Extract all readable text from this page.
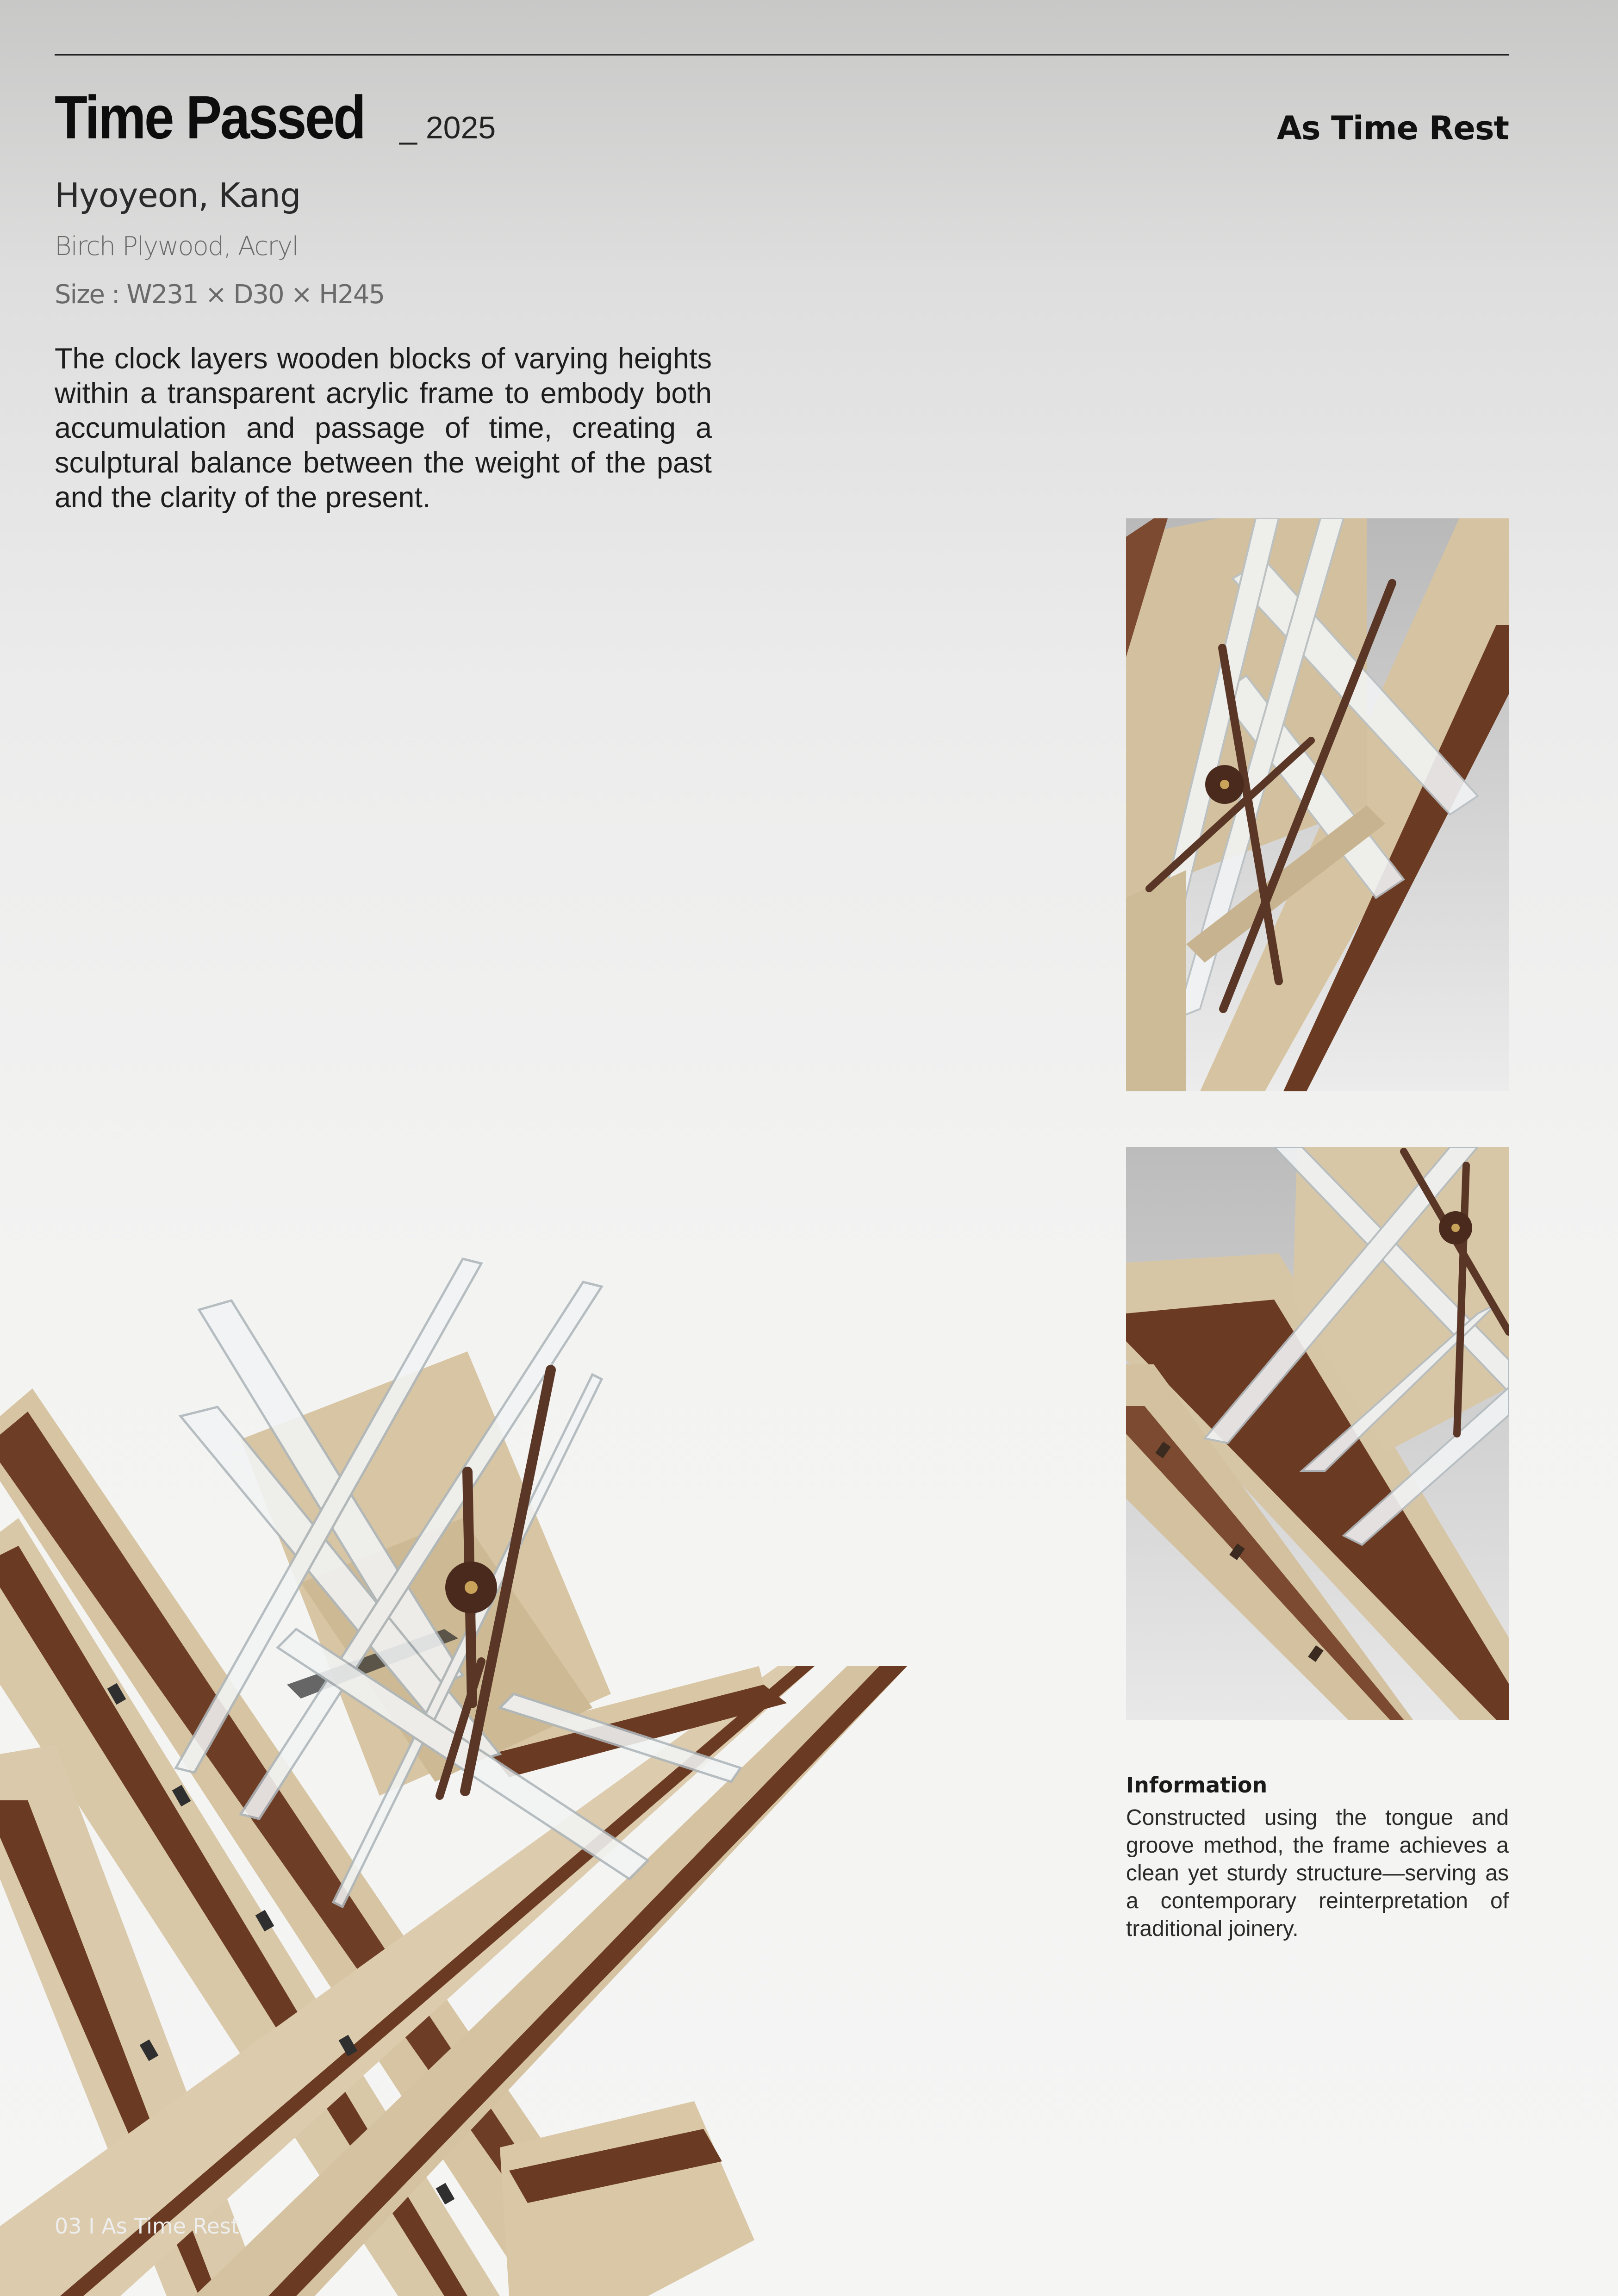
Time Passed _ 2025	As Time Rest
Hyoyeon, Kang
Birch Plywood, Acryl
Size : W231 × D30 × H245

The clock layers wooden blocks of varying heights within a transparent acrylic frame to embody both accumulation and passage of time, creating a sculptural balance between the weight of the past and the clarity of the present.

Information

Constructed using the tongue and groove method, the frame achieves a clean yet sturdy structure—serving as a contemporary reinterpretation of traditional joinery.

03 I As Time Rest
